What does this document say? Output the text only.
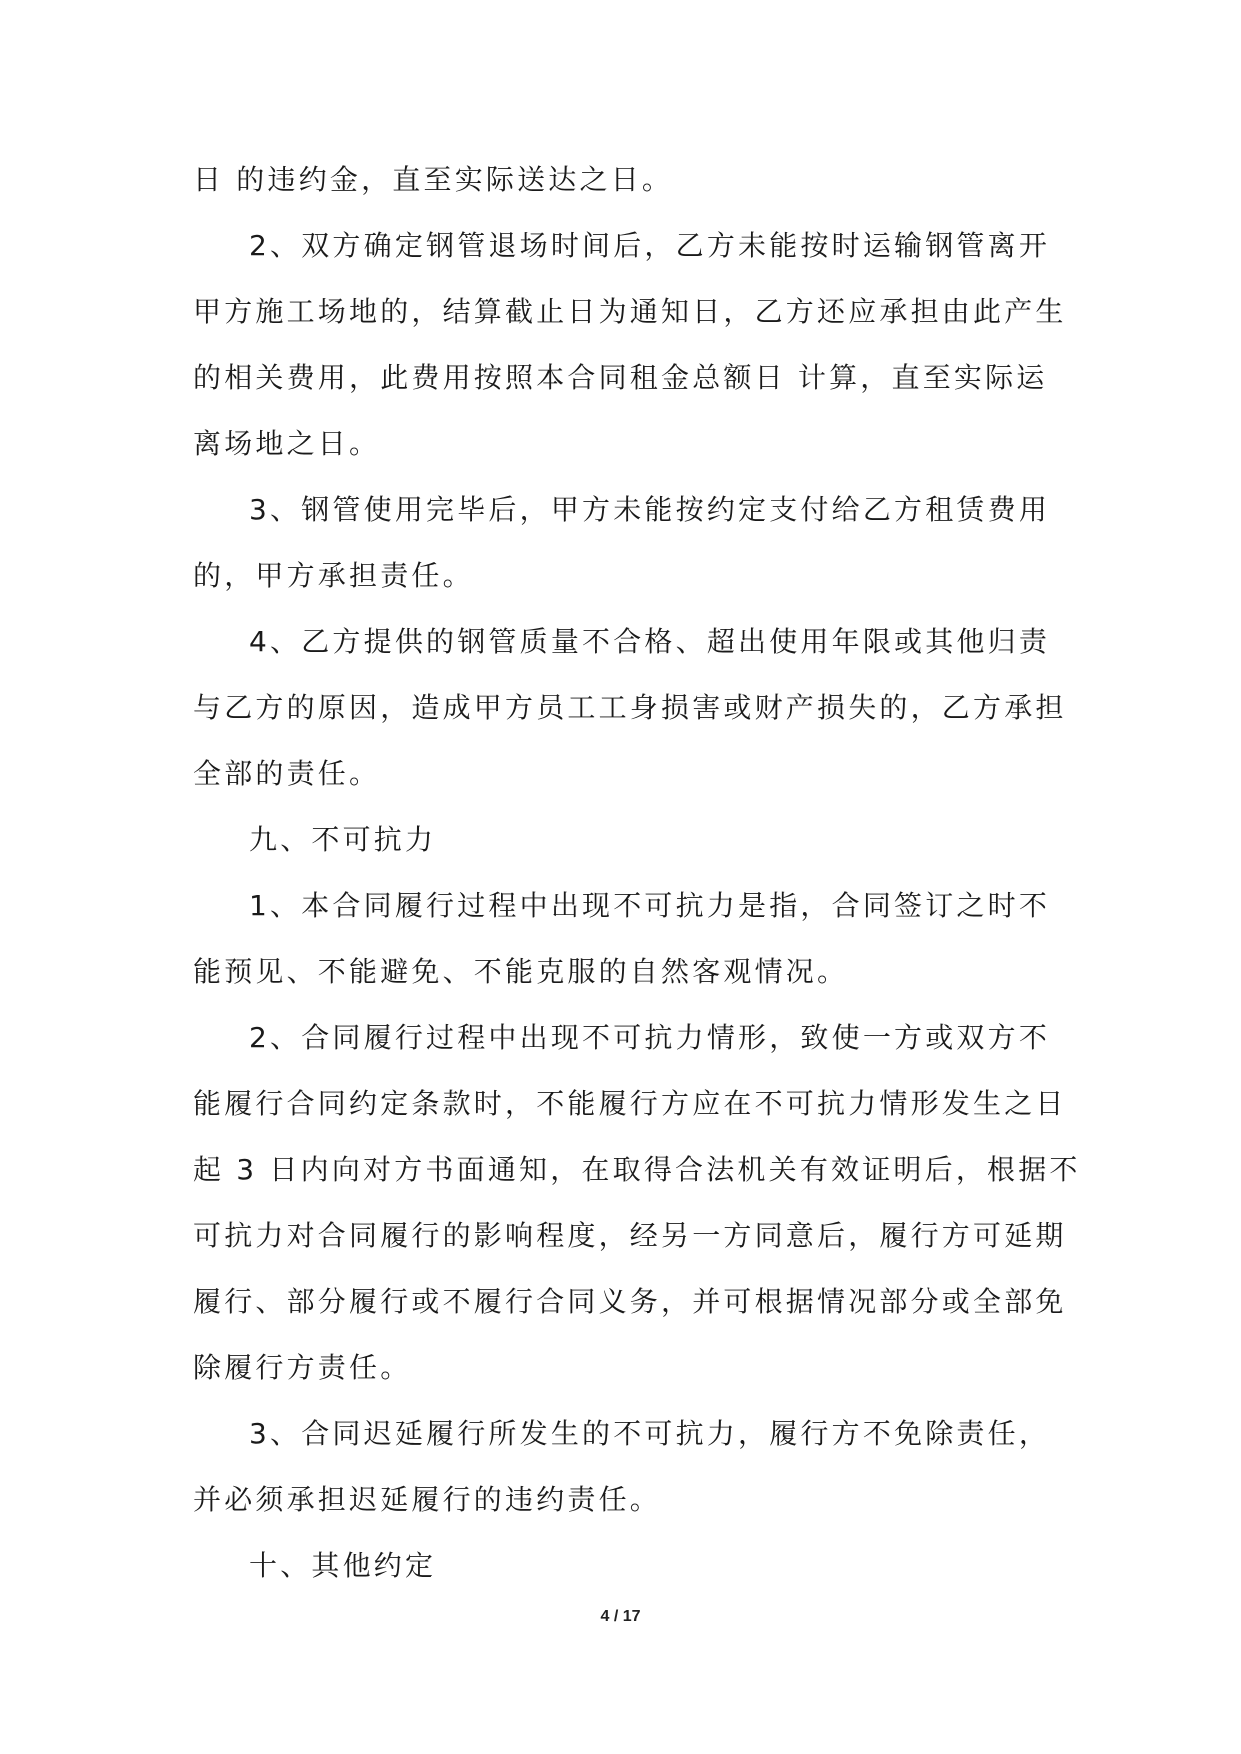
日 的违约金，直至实际送达之日。
2、双方确定钢管退场时间后，乙方未能按时运输钢管离开
甲方施工场地的，结算截止日为通知日，乙方还应承担由此产生
的相关费用，此费用按照本合同租金总额日 计算，直至实际运
离场地之日。
3、钢管使用完毕后，甲方未能按约定支付给乙方租赁费用
的，甲方承担责任。
4、乙方提供的钢管质量不合格、超出使用年限或其他归责
与乙方的原因，造成甲方员工工身损害或财产损失的，乙方承担
全部的责任。
九、不可抗力
1、本合同履行过程中出现不可抗力是指，合同签订之时不
能预见、不能避免、不能克服的自然客观情况。
2、合同履行过程中出现不可抗力情形，致使一方或双方不
能履行合同约定条款时，不能履行方应在不可抗力情形发生之日
起 3 日内向对方书面通知，在取得合法机关有效证明后，根据不
可抗力对合同履行的影响程度，经另一方同意后，履行方可延期
履行、部分履行或不履行合同义务，并可根据情况部分或全部免
除履行方责任。
3、合同迟延履行所发生的不可抗力，履行方不免除责任，
并必须承担迟延履行的违约责任。
十、其他约定
4 / 17
